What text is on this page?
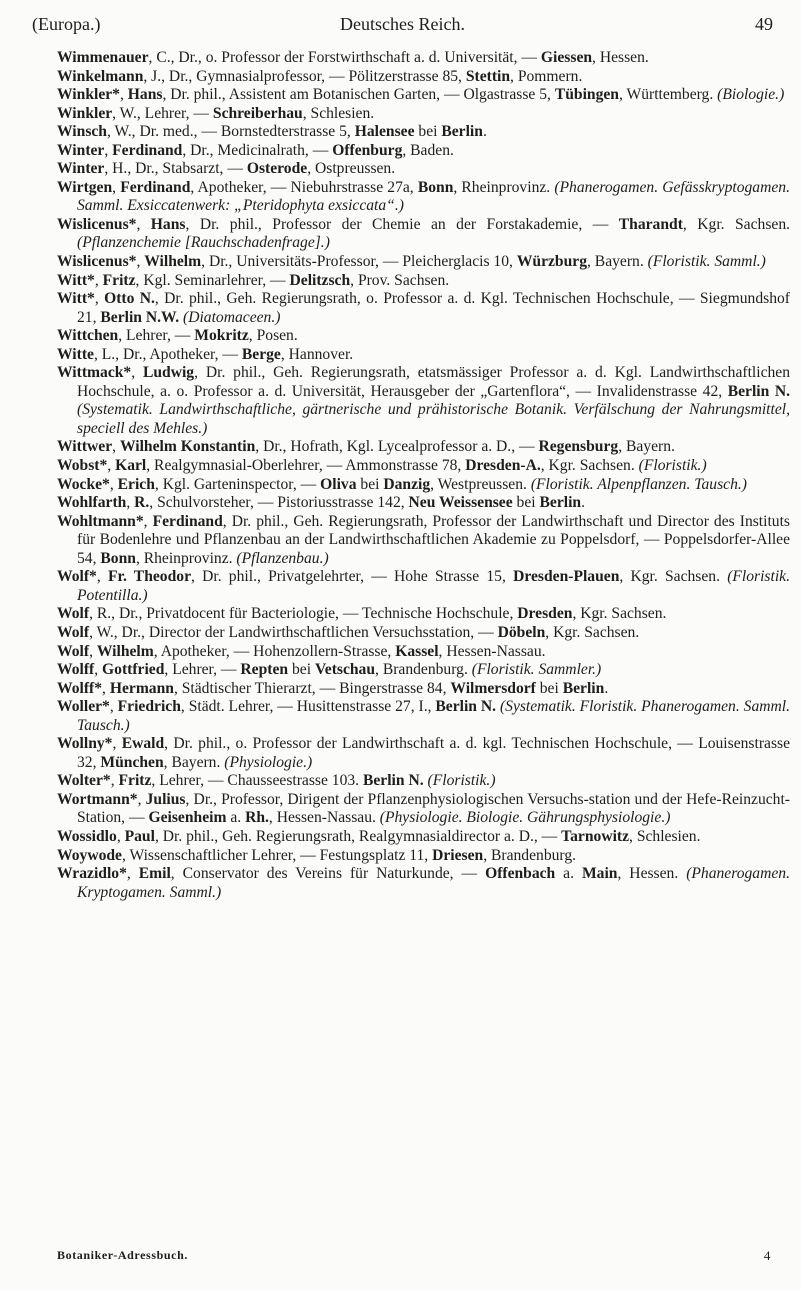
(Europa.)	Deutsches Reich.	49

Wimmenauer, C., Dr., o. Professor der Forstwirthschaft a. d. Universität, — Giessen, Hessen.

Winkelmann, J., Dr., Gymnasialprofessor, — Pölitzerstrasse 85, Stettin, Pommern.

Winkler*, Hans, Dr. phil., Assistent am Botanischen Garten, — Olgastrasse 5, Tübingen, Württemberg. (Biologie.)

Winkler, W., Lehrer, — Schreiberhau, Schlesien.

Winsch, W., Dr. med., — Bornstedterstrasse 5, Halensee bei Berlin.

Winter, Ferdinand, Dr., Medicinalrath, — Offenburg, Baden.

Winter, H., Dr., Stabsarzt, — Osterode, Ostpreussen.

Wirtgen, Ferdinand, Apotheker, — Niebuhrstrasse 27a, Bonn, Rheinprovinz. (Phanerogamen. Gefässkryptogamen. Samml. Exsiccatenwerk: „Pteridophyta exsiccata“.)

Wislicenus*, Hans, Dr. phil., Professor der Chemie an der Forstakademie, — Tharandt, Kgr. Sachsen. (Pflanzenchemie [Rauchschadenfrage].)

Wislicenus*, Wilhelm, Dr., Universitäts-Professor, — Pleicherglacis 10, Würzburg, Bayern. (Floristik. Samml.)

Witt*, Fritz, Kgl. Seminarlehrer, — Delitzsch, Prov. Sachsen.

Witt*, Otto N., Dr. phil., Geh. Regierungsrath, o. Professor a. d. Kgl. Technischen Hochschule, — Siegmundshof 21, Berlin N.W. (Diatomaceen.)

Wittchen, Lehrer, — Mokritz, Posen.

Witte, L., Dr., Apotheker, — Berge, Hannover.

Wittmack*, Ludwig, Dr. phil., Geh. Regierungsrath, etatsmässiger Professor a. d. Kgl. Landwirthschaftlichen Hochschule, a. o. Professor a. d. Universität, Herausgeber der „Gartenflora“, — Invalidenstrasse 42, Berlin N. (Systematik. Landwirthschaftliche, gärtnerische und prähistorische Botanik. Verfälschung der Nahrungsmittel, speciell des Mehles.)

Wittwer, Wilhelm Konstantin, Dr., Hofrath, Kgl. Lycealprofessor a. D., — Regensburg, Bayern.

Wobst*, Karl, Realgymnasial-Oberlehrer, — Ammonstrasse 78, Dresden-A., Kgr. Sachsen. (Floristik.)

Wocke*, Erich, Kgl. Garteninspector, — Oliva bei Danzig, Westpreussen. (Floristik. Alpenpflanzen. Tausch.)

Wohlfarth, R., Schulvorsteher, — Pistoriusstrasse 142, Neu Weissensee bei Berlin.

Wohltmann*, Ferdinand, Dr. phil., Geh. Regierungsrath, Professor der Landwirthschaft und Director des Instituts für Bodenlehre und Pflanzenbau an der Landwirthschaftlichen Akademie zu Poppelsdorf, — Poppelsdorfer-Allee 54, Bonn, Rheinprovinz. (Pflanzenbau.)

Wolf*, Fr. Theodor, Dr. phil., Privatgelehrter, — Hohe Strasse 15, Dresden-Plauen, Kgr. Sachsen. (Floristik. Potentilla.)

Wolf, R., Dr., Privatdocent für Bacteriologie, — Technische Hochschule, Dresden, Kgr. Sachsen.

Wolf, W., Dr., Director der Landwirthschaftlichen Versuchsstation, — Döbeln, Kgr. Sachsen.

Wolf, Wilhelm, Apotheker, — Hohenzollern-Strasse, Kassel, Hessen-Nassau.

Wolff, Gottfried, Lehrer, — Repten bei Vetschau, Brandenburg. (Floristik. Sammler.)

Wolff*, Hermann, Städtischer Thierarzt, — Bingerstrasse 84, Wilmersdorf bei Berlin.

Woller*, Friedrich, Städt. Lehrer, — Husittenstrasse 27, I., Berlin N. (Systematik. Floristik. Phanerogamen. Samml. Tausch.)

Wollny*, Ewald, Dr. phil., o. Professor der Landwirthschaft a. d. kgl. Technischen Hochschule, — Louisenstrasse 32, München, Bayern. (Physiologie.)

Wolter*, Fritz, Lehrer, — Chausseestrasse 103. Berlin N. (Floristik.)

Wortmann*, Julius, Dr., Professor, Dirigent der Pflanzenphysiologischen Versuchs-station und der Hefe-Reinzucht-Station, — Geisenheim a. Rh., Hessen-Nassau. (Physiologie. Biologie. Gährungsphysiologie.)

Wossidlo, Paul, Dr. phil., Geh. Regierungsrath, Realgymnasialdirector a. D., — Tarnowitz, Schlesien.

Woywode, Wissenschaftlicher Lehrer, — Festungsplatz 11, Driesen, Brandenburg.

Wrazidlo*, Emil, Conservator des Vereins für Naturkunde, — Offenbach a. Main, Hessen. (Phanerogamen. Kryptogamen. Samml.)

Botaniker-Adressbuch.	4
